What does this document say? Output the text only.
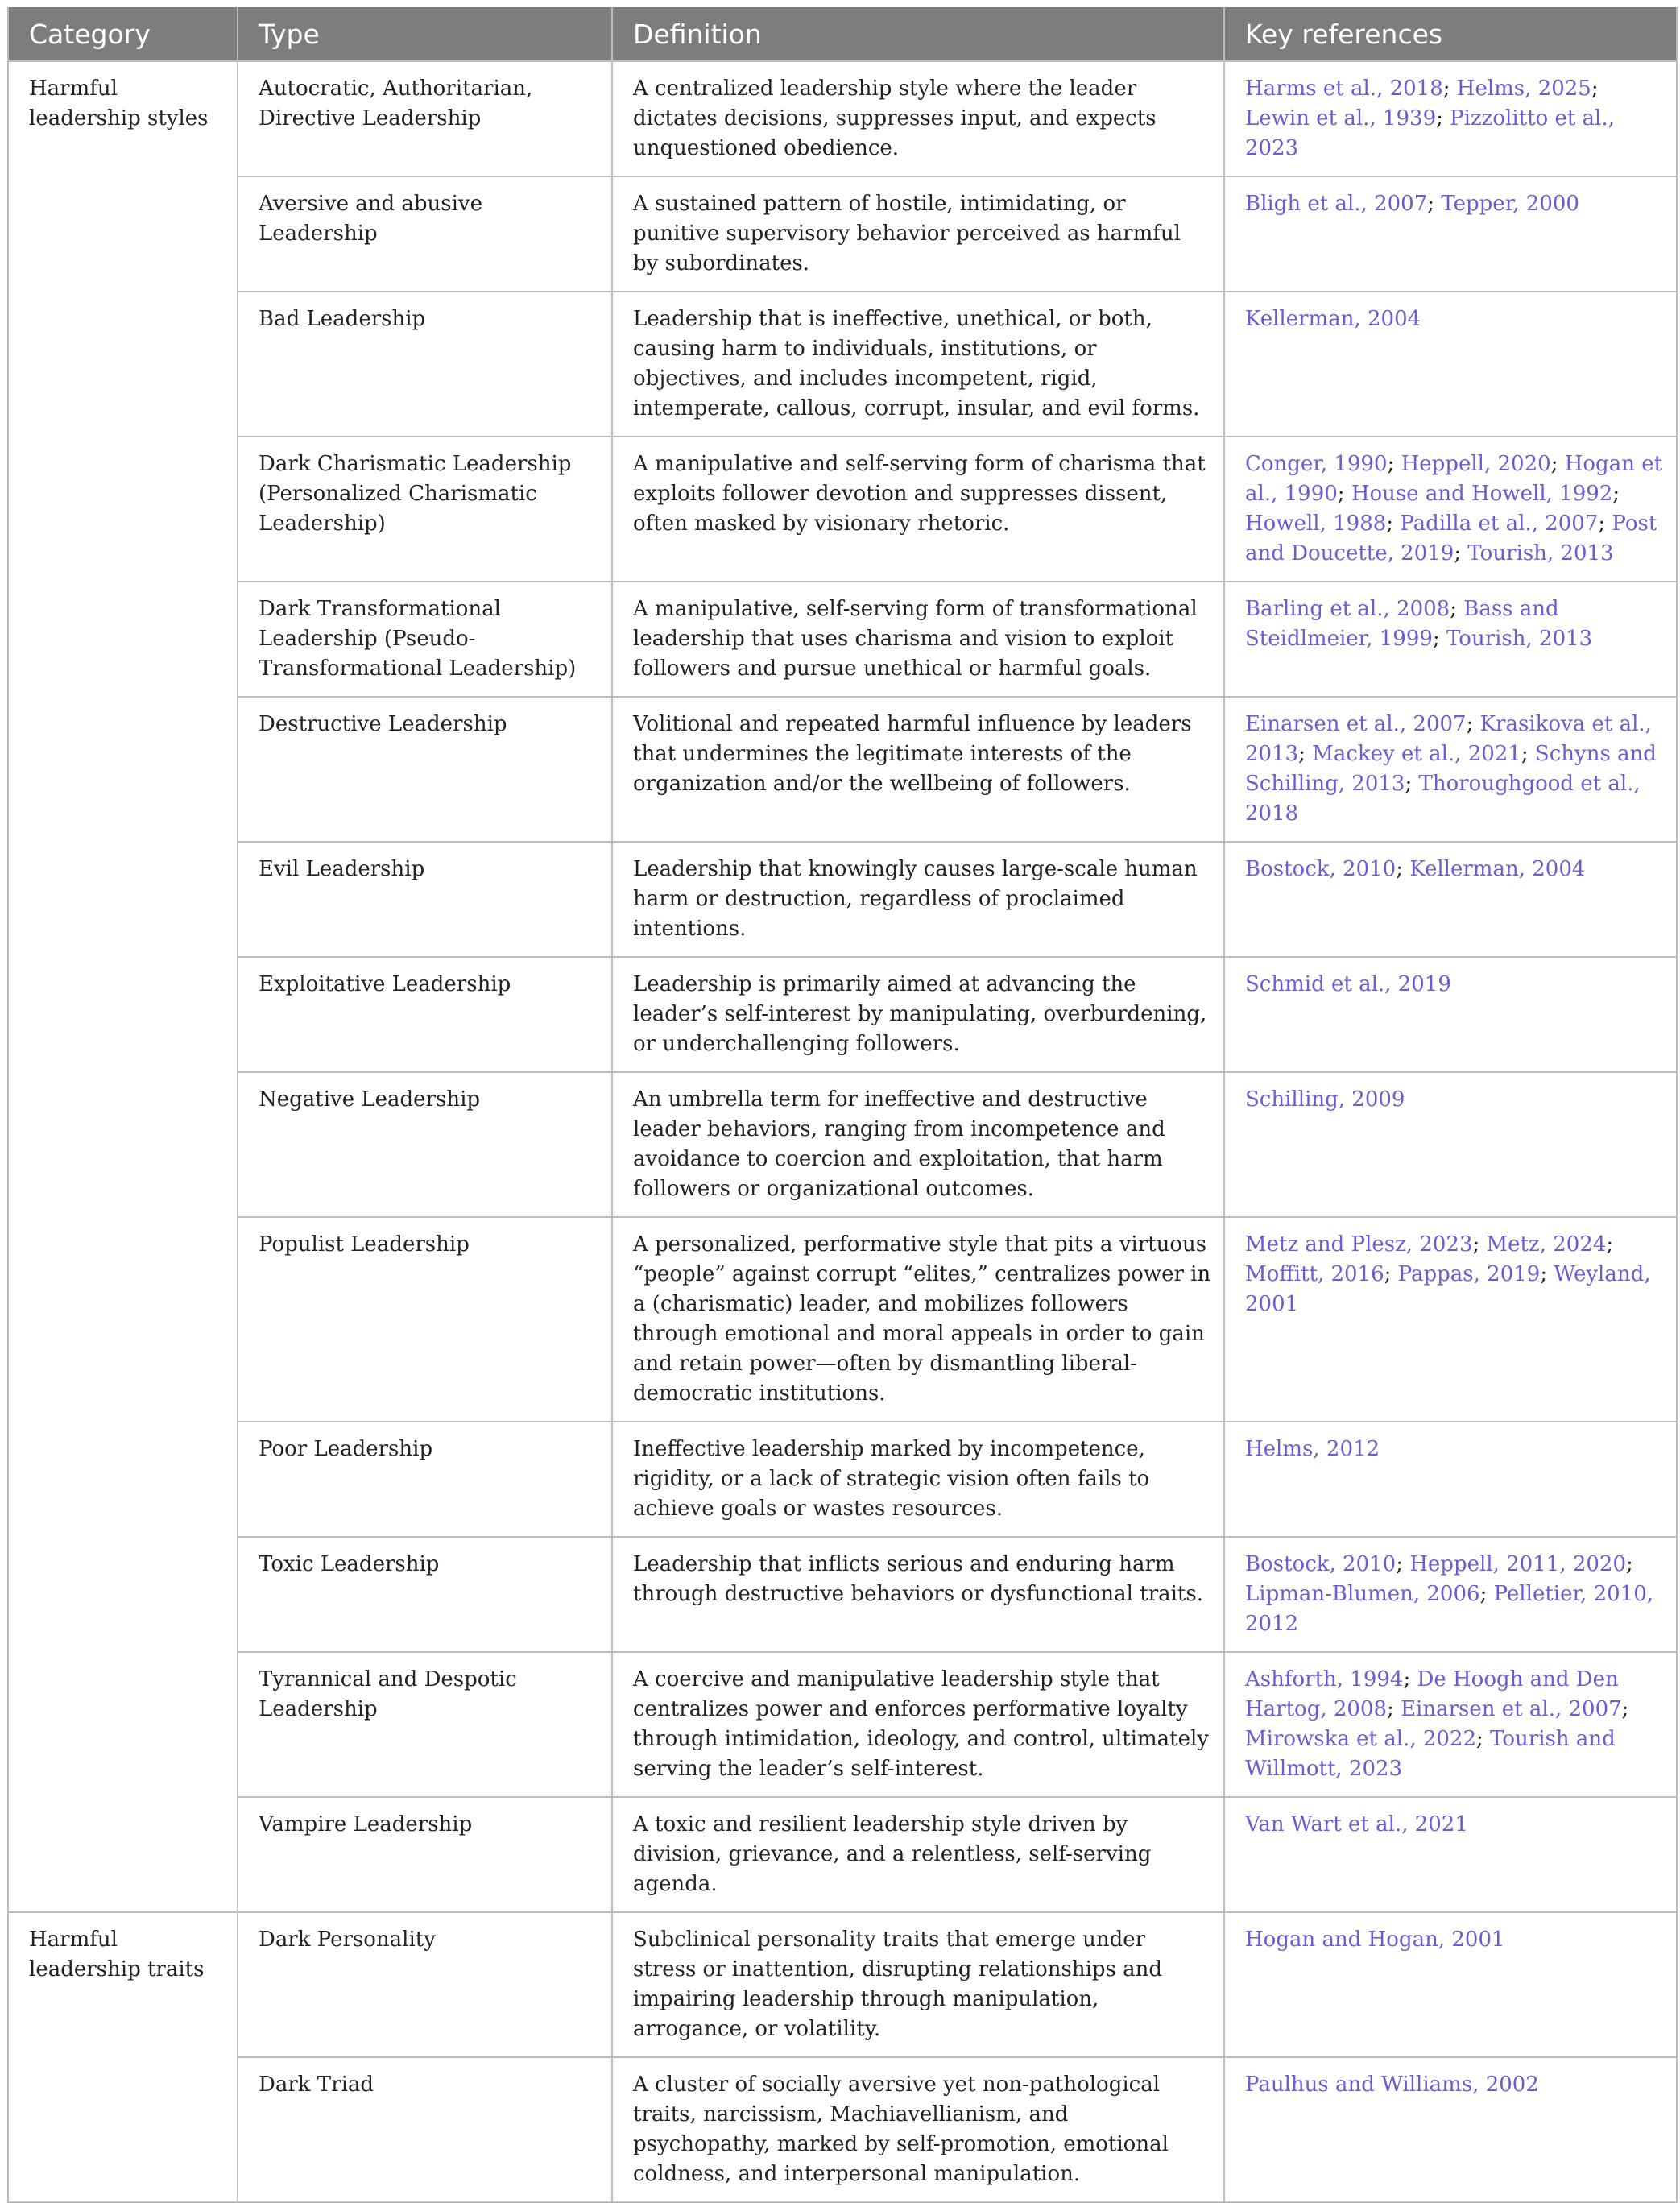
Category	Type	Definition	Key references
Harmful leadership styles	Autocratic, Authoritarian, Directive Leadership	A centralized leadership style where the leader dictates decisions, suppresses input, and expects unquestioned obedience.	Harms et al., 2018; Helms, 2025; Lewin et al., 1939; Pizzolitto et al., 2023
	Aversive and abusive Leadership	A sustained pattern of hostile, intimidating, or punitive supervisory behavior perceived as harmful by subordinates.	Bligh et al., 2007; Tepper, 2000
	Bad Leadership	Leadership that is ineffective, unethical, or both, causing harm to individuals, institutions, or objectives, and includes incompetent, rigid, intemperate, callous, corrupt, insular, and evil forms.	Kellerman, 2004
	Dark Charismatic Leadership (Personalized Charismatic Leadership)	A manipulative and self-serving form of charisma that exploits follower devotion and suppresses dissent, often masked by visionary rhetoric.	Conger, 1990; Heppell, 2020; Hogan et al., 1990; House and Howell, 1992; Howell, 1988; Padilla et al., 2007; Post and Doucette, 2019; Tourish, 2013
	Dark Transformational Leadership (Pseudo-Transformational Leadership)	A manipulative, self-serving form of transformational leadership that uses charisma and vision to exploit followers and pursue unethical or harmful goals.	Barling et al., 2008; Bass and Steidlmeier, 1999; Tourish, 2013
	Destructive Leadership	Volitional and repeated harmful influence by leaders that undermines the legitimate interests of the organization and/or the wellbeing of followers.	Einarsen et al., 2007; Krasikova et al., 2013; Mackey et al., 2021; Schyns and Schilling, 2013; Thoroughgood et al., 2018
	Evil Leadership	Leadership that knowingly causes large-scale human harm or destruction, regardless of proclaimed intentions.	Bostock, 2010; Kellerman, 2004
	Exploitative Leadership	Leadership is primarily aimed at advancing the leader’s self-interest by manipulating, overburdening, or underchallenging followers.	Schmid et al., 2019
	Negative Leadership	An umbrella term for ineffective and destructive leader behaviors, ranging from incompetence and avoidance to coercion and exploitation, that harm followers or organizational outcomes.	Schilling, 2009
	Populist Leadership	A personalized, performative style that pits a virtuous “people” against corrupt “elites,” centralizes power in a (charismatic) leader, and mobilizes followers through emotional and moral appeals in order to gain and retain power—often by dismantling liberal-democratic institutions.	Metz and Plesz, 2023; Metz, 2024; Moffitt, 2016; Pappas, 2019; Weyland, 2001
	Poor Leadership	Ineffective leadership marked by incompetence, rigidity, or a lack of strategic vision often fails to achieve goals or wastes resources.	Helms, 2012
	Toxic Leadership	Leadership that inflicts serious and enduring harm through destructive behaviors or dysfunctional traits.	Bostock, 2010; Heppell, 2011, 2020; Lipman-Blumen, 2006; Pelletier, 2010, 2012
	Tyrannical and Despotic Leadership	A coercive and manipulative leadership style that centralizes power and enforces performative loyalty through intimidation, ideology, and control, ultimately serving the leader’s self-interest.	Ashforth, 1994; De Hoogh and Den Hartog, 2008; Einarsen et al., 2007; Mirowska et al., 2022; Tourish and Willmott, 2023
	Vampire Leadership	A toxic and resilient leadership style driven by division, grievance, and a relentless, self-serving agenda.	Van Wart et al., 2021
Harmful leadership traits	Dark Personality	Subclinical personality traits that emerge under stress or inattention, disrupting relationships and impairing leadership through manipulation, arrogance, or volatility.	Hogan and Hogan, 2001
	Dark Triad	A cluster of socially aversive yet non-pathological traits, narcissism, Machiavellianism, and psychopathy, marked by self-promotion, emotional coldness, and interpersonal manipulation.	Paulhus and Williams, 2002
